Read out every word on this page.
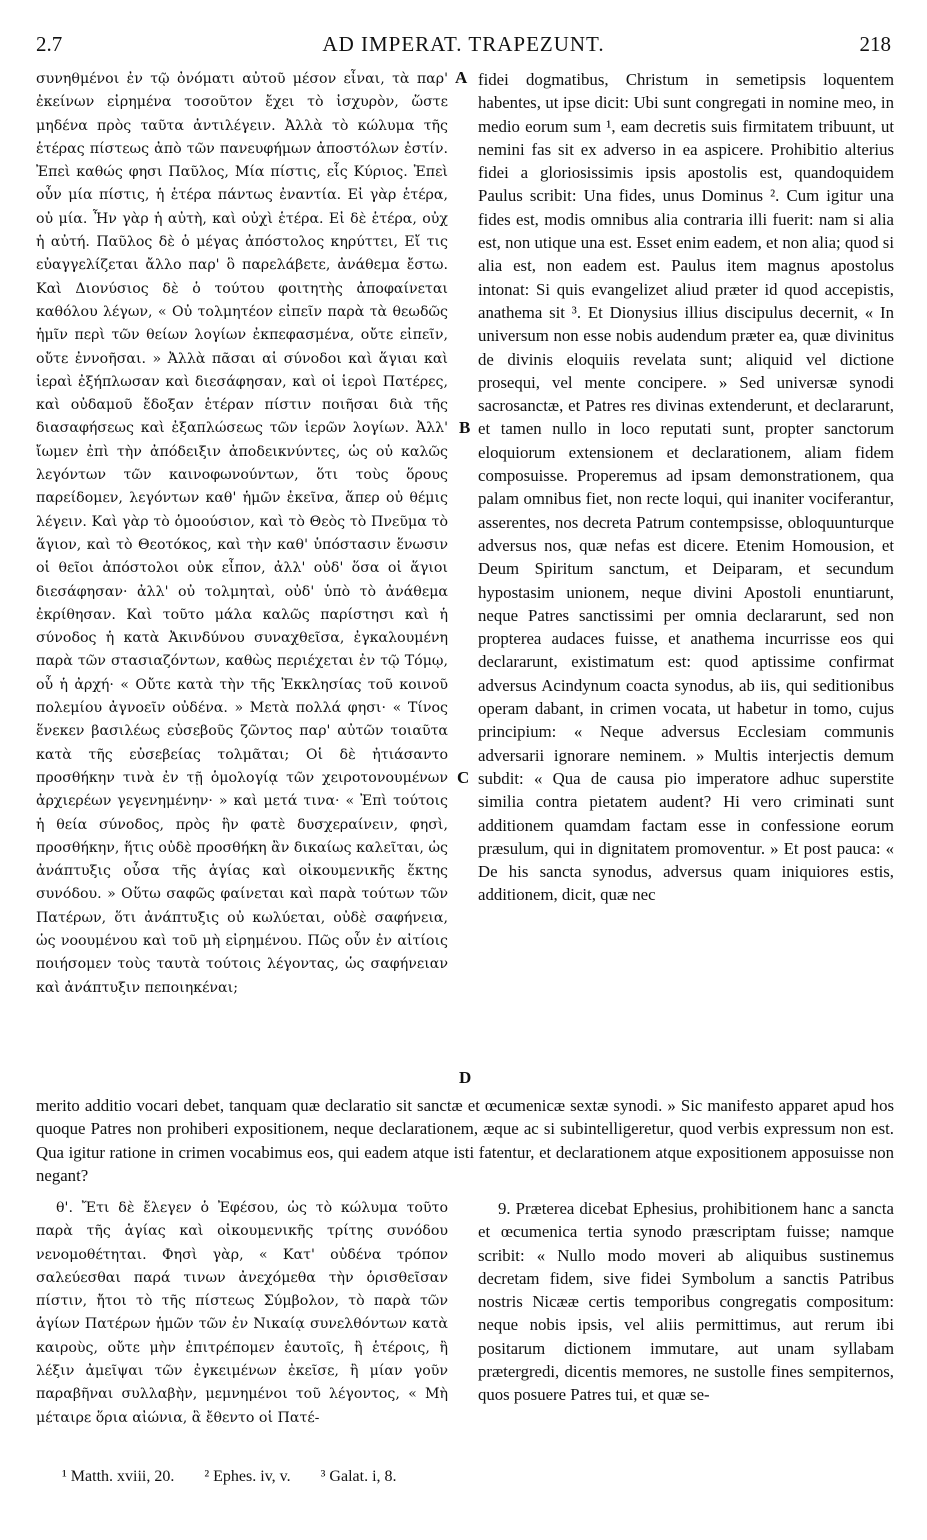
2.7	AD IMPERAT. TRAPEZUNT.	218

συνηθμένοι ἐν τῷ ὀνόματι αὐτοῦ μέσον εἶναι, τὰ παρ' ἐκείνων εἰρημένα τοσοῦτον ἔχει τὸ ἰσχυρὸν, ὥστε μηδένα πρὸς ταῦτα ἀντιλέγειν. Ἀλλὰ τὸ κώλυμα τῆς ἑτέρας πίστεως ἀπὸ τῶν πανευφήμων ἀποστόλων ἐστίν. Ἐπεὶ καθώς φησι Παῦλος, Μία πίστις, εἷς Κύριος. Ἐπεὶ οὖν μία πίστις, ἡ ἑτέρα πάντως ἐναντία. Εἰ γὰρ ἑτέρα, οὐ μία. Ἦν γὰρ ἡ αὐτὴ, καὶ οὐχὶ ἑτέρα. Εἰ δὲ ἑτέρα, οὐχ ἡ αὐτή. Παῦλος δὲ ὁ μέγας ἀπόστολος κηρύττει, Εἴ τις εὐαγγελίζεται ἄλλο παρ' ὃ παρελάβετε, ἀνάθεμα ἔστω. Καὶ Διονύσιος δὲ ὁ τούτου φοιτητὴς ἀποφαίνεται καθόλου λέγων, « Οὐ τολμητέον εἰπεῖν παρὰ τὰ θεωδῶς ἡμῖν περὶ τῶν θείων λογίων ἐκπεφασμένα, οὔτε εἰπεῖν, οὔτε ἐννοῆσαι. » Ἀλλὰ πᾶσαι αἱ σύνοδοι καὶ ἅγιαι καὶ ἱεραὶ ἐξήπλωσαν καὶ διεσάφησαν, καὶ οἱ ἱεροὶ Πατέρες, καὶ οὐδαμοῦ ἔδοξαν ἑτέραν πίστιν ποιῆσαι διὰ τῆς διασαφήσεως καὶ ἐξαπλώσεως τῶν ἱερῶν λογίων. Ἀλλ' ἴωμεν ἐπὶ τὴν ἀπόδειξιν ἀποδεικνύντες, ὡς οὐ καλῶς λεγόντων τῶν καινοφωνούντων, ὅτι τοὺς ὅρους παρείδομεν, λεγόντων καθ' ἡμῶν ἐκεῖνα, ἅπερ οὐ θέμις λέγειν. Καὶ γὰρ τὸ ὁμοούσιον, καὶ τὸ Θεὸς τὸ Πνεῦμα τὸ ἅγιον, καὶ τὸ Θεοτόκος, καὶ τὴν καθ' ὑπόστασιν ἕνωσιν οἱ θεῖοι ἀπόστολοι οὐκ εἶπον, ἀλλ' οὐδ' ὅσα οἱ ἅγιοι διεσάφησαν· ἀλλ' οὐ τολμηταὶ, οὐδ' ὑπὸ τὸ ἀνάθεμα ἐκρίθησαν. Καὶ τοῦτο μάλα καλῶς παρίστησι καὶ ἡ σύνοδος ἡ κατὰ Ἀκινδύνου συναχθεῖσα, ἐγκαλουμένη παρὰ τῶν στασιαζόντων, καθὼς περιέχεται ἐν τῷ Τόμῳ, οὗ ἡ ἀρχή· « Οὔτε κατὰ τὴν τῆς Ἐκκλησίας τοῦ κοινοῦ πολεμίου ἀγνοεῖν οὐδένα. » Μετὰ πολλά φησι· « Τίνος ἕνεκεν βασιλέως εὐσεβοῦς ζῶντος παρ' αὐτῶν τοιαῦτα κατὰ τῆς εὐσεβείας τολμᾶται; Οἱ δὲ ἠτιάσαντο προσθήκην τινὰ ἐν τῇ ὁμολογίᾳ τῶν χειροτονουμένων ἀρχιερέων γεγενημένην· » καὶ μετά τινα· « Ἐπὶ τούτοις ἡ θεία σύνοδος, πρὸς ἣν φατὲ δυσχεραίνειν, φησὶ, προσθήκην, ἥτις οὐδὲ προσθήκη ἂν δικαίως καλεῖται, ὡς ἀνάπτυξις οὖσα τῆς ἁγίας καὶ οἰκουμενικῆς ἕκτης συνόδου. » Οὕτω σαφῶς φαίνεται καὶ παρὰ τούτων τῶν Πατέρων, ὅτι ἀνάπτυξις οὐ κωλύεται, οὐδὲ σαφήνεια, ὡς νοουμένου καὶ τοῦ μὴ εἰρημένου. Πῶς οὖν ἐν αἰτίοις ποιήσομεν τοὺς ταυτὰ τούτοις λέγοντας, ὡς σαφήνειαν καὶ ἀνάπτυξιν πεποιηκέναι;

fidei dogmatibus, Christum in semetipsis loquentem habentes, ut ipse dicit: Ubi sunt congregati in nomine meo, in medio eorum sum ¹, eam decretis suis firmitatem tribuunt, ut nemini fas sit ex adverso in ea aspicere. Prohibitio alterius fidei a gloriosissimis ipsis apostolis est, quandoquidem Paulus scribit: Una fides, unus Dominus ². Cum igitur una fides est, modis omnibus alia contraria illi fuerit: nam si alia est, non utique una est. Esset enim eadem, et non alia; quod si alia est, non eadem est. Paulus item magnus apostolus intonat: Si quis evangelizet aliud præter id quod accepistis, anathema sit ³. Et Dionysius illius discipulus decernit, « In universum non esse nobis audendum præter ea, quæ divinitus de divinis eloquiis revelata sunt; aliquid vel dictione prosequi, vel mente concipere. » Sed universæ synodi sacrosanctæ, et Patres res divinas extenderunt, et declararunt, et tamen nullo in loco reputati sunt, propter sanctorum eloquiorum extensionem et declarationem, aliam fidem composuisse. Properemus ad ipsam demonstrationem, qua palam omnibus fiet, non recte loqui, qui inaniter vociferantur, asserentes, nos decreta Patrum contempsisse, obloquunturque adversus nos, quæ nefas est dicere. Etenim Homousion, et Deum Spiritum sanctum, et Deiparam, et secundum hypostasim unionem, neque divini Apostoli enuntiarunt, neque Patres sanctissimi per omnia declararunt, sed non propterea audaces fuisse, et anathema incurrisse eos qui declararunt, existimatum est: quod aptissime confirmat adversus Acindynum coacta synodus, ab iis, qui seditionibus operam dabant, in crimen vocata, ut habetur in tomo, cujus principium: « Neque adversus Ecclesiam communis adversarii ignorare neminem. » Multis interjectis demum subdit: « Qua de causa pio imperatore adhuc superstite similia contra pietatem audent? Hi vero criminati sunt additionem quamdam factam esse in confessione eorum præsulum, qui in dignitatem promoventur. » Et post pauca: « De his sancta synodus, adversus quam iniquiores estis, additionem, dicit, quæ nec

A
B
C
D

merito additio vocari debet, tanquam quæ declaratio sit sanctæ et œcumenicæ sextæ synodi. » Sic manifesto apparet apud hos quoque Patres non prohiberi expositionem, neque declarationem, æque ac si subintelligeretur, quod verbis expressum non est. Qua igitur ratione in crimen vocabimus eos, qui eadem atque isti fatentur, et declarationem atque expositionem apposuisse non negant?

θ'. Ἔτι δὲ ἔλεγεν ὁ Ἐφέσου, ὡς τὸ κώλυμα τοῦτο παρὰ τῆς ἁγίας καὶ οἰκουμενικῆς τρίτης συνόδου νενομοθέτηται. Φησὶ γὰρ, « Κατ' οὐδένα τρόπον σαλεύεσθαι παρά τινων ἀνεχόμεθα τὴν ὁρισθεῖσαν πίστιν, ἤτοι τὸ τῆς πίστεως Σύμβολον, τὸ παρὰ τῶν ἁγίων Πατέρων ἡμῶν τῶν ἐν Νικαίᾳ συνελθόντων κατὰ καιροὺς, οὔτε μὴν ἐπιτρέπομεν ἑαυτοῖς, ἢ ἑτέροις, ἢ λέξιν ἀμεῖψαι τῶν ἐγκειμένων ἐκεῖσε, ἢ μίαν γοῦν παραβῆναι συλλαβὴν, μεμνημένοι τοῦ λέγοντος, « Μὴ μέταιρε ὅρια αἰώνια, ἃ ἔθεντο οἱ Πατέ-

9. Præterea dicebat Ephesius, prohibitionem hanc a sancta et œcumenica tertia synodo præscriptam fuisse; namque scribit: « Nullo modo moveri ab aliquibus sustinemus decretam fidem, sive fidei Symbolum a sanctis Patribus nostris Nicææ certis temporibus congregatis compositum: neque nobis ipsis, vel aliis permittimus, aut rerum ibi positarum dictionem immutare, aut unam syllabam prætergredi, dicentis memores, ne sustolle fines sempiternos, quos posuere Patres tui, et quæ se-

¹ Matth. xviii, 20. ² Ephes. iv, v. ³ Galat. i, 8.
